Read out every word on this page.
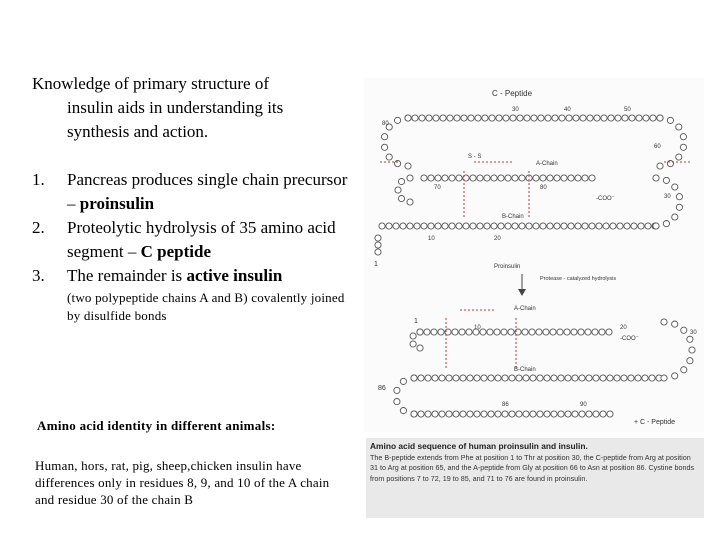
Knowledge of primary structure of
insulin aids in understanding its
synthesis and action.
1.	Pancreas produces single chain precursor – proinsulin
2.	Proteolytic hydrolysis of 35 amino acid segment – C peptide
3.	The remainder is active insulin
(two polypeptide chains A and B) covalently joined by disulfide bonds
Amino acid identity in different animals:
Human, hors, rat, pig, sheep,chicken insulin have differences only in residues 8, 9, and 10 of the A chain and residue 30 of the chain B
C - Peptide
30	40	50
60
70
80
80
1
10	20
30
A-Chain
B-Chain
Proinsulin
Protease - catalyzed hydrolysis
-COO⁻
S - S
A-Chain
1
10	20
-COO⁻
B-Chain
86
86	90
30
+ C - Peptide
Amino acid sequence of human proinsulin and insulin.
The B-peptide extends from Phe at position 1 to Thr at position 30, the C-peptide from Arg at position 31 to Arg at position 65, and the A-peptide from Gly at position 66 to Asn at position 86. Cystine bonds from positions 7 to 72, 19 to 85, and 71 to 76 are found in proinsulin.
